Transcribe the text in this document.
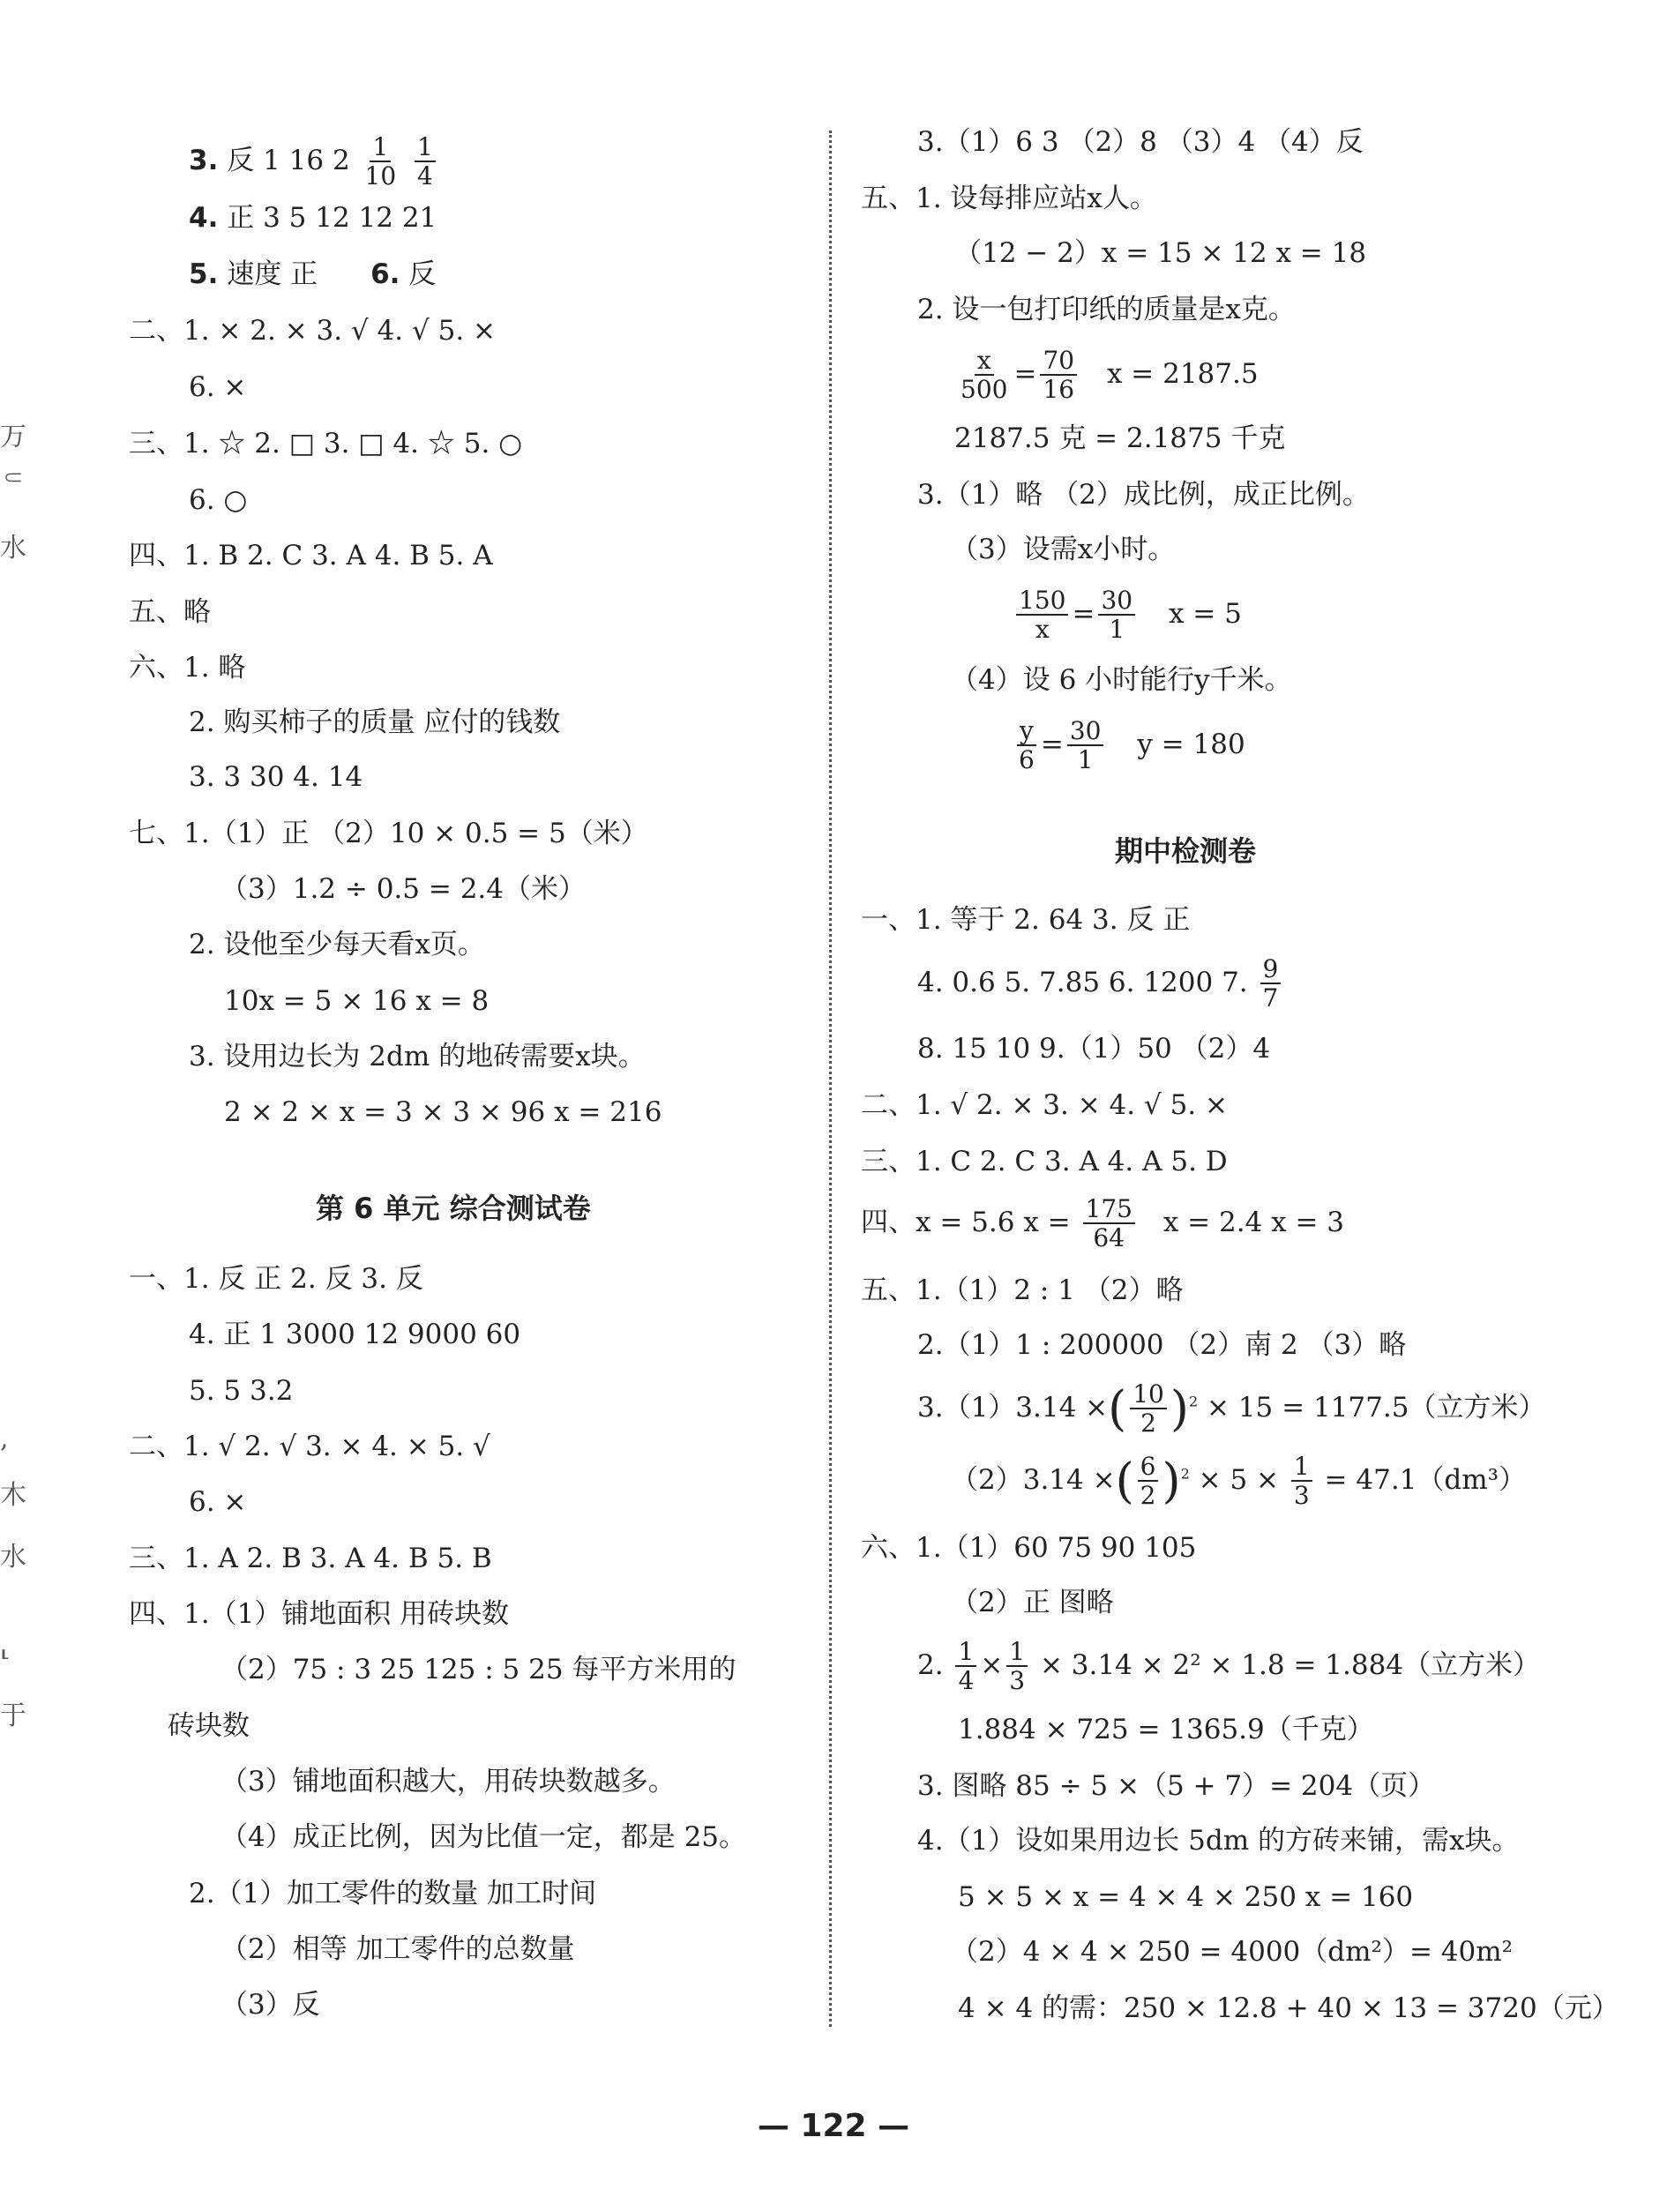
3. 反 1 16 $2 \frac{1}{10}$
$\frac{1}{4}$
4. 正 3 5 12 12 21
5. 速度 正 6. 反
二、1. × 2. × 3. √ 4. √ 5. ×
6. ×
三、1. ☆ 2. □ 3. □ 4. ☆ 5. ○
6. ○
四、1. B 2. C 3. A 4. B 5. A
五、略
六、1. 略
2. 购买柿子的质量 应付的钱数
3. 3 30 4. 14
七、1.（1）正 （2）10 × 0.5 = 5（米）
（3）1.2 ÷ 0.5 = 2.4（米）
2. 设他至少每天看x页。
10x = 5 × 16 x = 8
3. 设用边长为 2dm 的地砖需要x块。
2 × 2 × x = 3 × 3 × 96 x = 216
第 6 单元 综合测试卷
一、1. 反 正 2. 反 3. 反
4. 正 1 3000 12 9000 60
5. 5 3.2
二、1. √ 2. √ 3. × 4. × 5. √
6. ×
三、1. A 2. B 3. A 4. B 5. B
四、1.（1）铺地面积 用砖块数
（2）75 : 3 25 125 : 5 25 每平方米用的
砖块数
（3）铺地面积越大，用砖块数越多。
（4）成正比例，因为比值一定，都是 25。
2.（1）加工零件的数量 加工时间
（2）相等 加工零件的总数量
（3）反
3.（1）6 3 （2）8 （3）4 （4）反
五、1. 设每排应站x人。
（12 − 2）x = 15 × 12 x = 18
2. 设一包打印纸的质量是x克。
$\frac{x}{500} = \frac{70}{16}$ x = 2187.5
2187.5 克 = 2.1875 千克
3.（1）略 （2）成比例，成正比例。
（3）设需x小时。
$\frac{150}{x} = \frac{30}{1}$ x = 5
（4）设 6 小时能行y千米。
$\frac{y}{6} = \frac{30}{1}$ y = 180
期中检测卷
一、1. 等于 2. 64 3. 反 正
4. 0.6 5. 7.85 6. 1200 7. $\frac{9}{7}$
8. 15 10 9.（1）50 （2）4
二、1. √ 2. × 3. × 4. √ 5. ×
三、1. C 2. C 3. A 4. A 5. D
四、x = 5.6 $x = \frac{175}{64}$ x = 2.4 x = 3
五、1.（1）2 : 1 （2）略
2.（1）1 : 200000 （2）南 2 （3）略
3.（1）3.14 ×( $\frac{10}{2} )^2 \times 15 = 1177.5$（立方米）
（2）3.14 ×( $\frac{6}{2} )^2 \times 5 \times \frac{1}{3} = 47.1(dm^3)$
六、1.（1）60 75 90 105
（2）正 图略
2. $\frac{1}{4} \times \frac{1}{3} \times 3.14 \times 2^2 \times 1.8 = 1.884$（立方米）
1.884 × 725 = 1365.9（千克）
3. 图略 85 ÷ 5 ×（5 + 7）= 204（页）
4.（1）设如果用边长 5dm 的方砖来铺，需x块。
5 × 5 × x = 4 × 4 × 250 x = 160
（2）4 × 4 × 250 = 4000（dm²）= 40m²
4 × 4 的需：250 × 12.8 + 40 × 13 = 3720（元）
万
⸦
水
,
木
水
⸤
于
— 122 —
